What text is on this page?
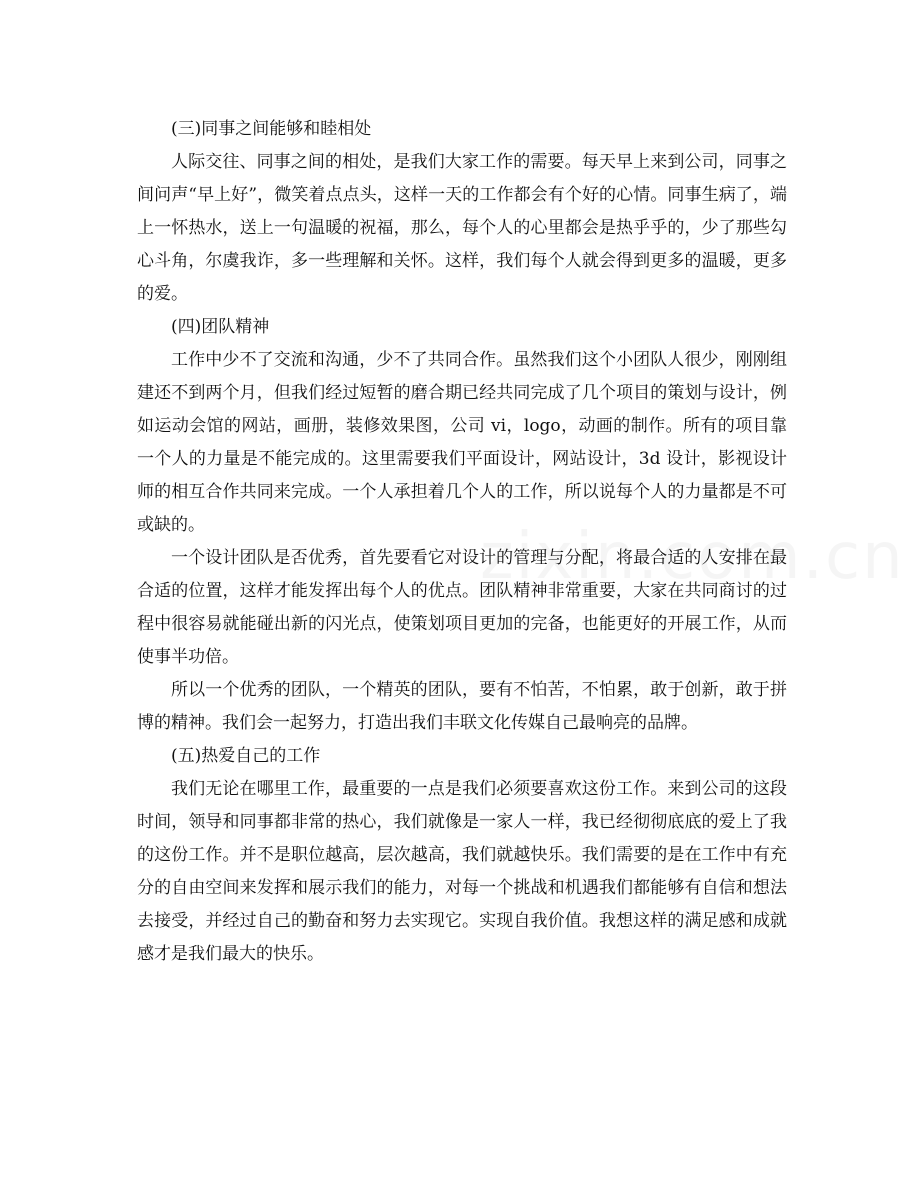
(三)同事之间能够和睦相处

人际交往、同事之间的相处，是我们大家工作的需要。每天早上来到公司，同事之间问声“早上好”，微笑着点点头，这样一天的工作都会有个好的心情。同事生病了，端上一怀热水，送上一句温暖的祝福，那么，每个人的心里都会是热乎乎的，少了那些勾心斗角，尔虞我诈，多一些理解和关怀。这样，我们每个人就会得到更多的温暖，更多的爱。

(四)团队精神

工作中少不了交流和沟通，少不了共同合作。虽然我们这个小团队人很少，刚刚组建还不到两个月，但我们经过短暂的磨合期已经共同完成了几个项目的策划与设计，例如运动会馆的网站，画册，装修效果图，公司 vi，logo，动画的制作。所有的项目靠一个人的力量是不能完成的。这里需要我们平面设计，网站设计，3d 设计，影视设计师的相互合作共同来完成。一个人承担着几个人的工作，所以说每个人的力量都是不可或缺的。

一个设计团队是否优秀，首先要看它对设计的管理与分配，将最合适的人安排在最合适的位置，这样才能发挥出每个人的优点。团队精神非常重要，大家在共同商讨的过程中很容易就能碰出新的闪光点，使策划项目更加的完备，也能更好的开展工作，从而使事半功倍。

所以一个优秀的团队，一个精英的团队，要有不怕苦，不怕累，敢于创新，敢于拼博的精神。我们会一起努力，打造出我们丰联文化传媒自己最响亮的品牌。

(五)热爱自己的工作

我们无论在哪里工作，最重要的一点是我们必须要喜欢这份工作。来到公司的这段时间，领导和同事都非常的热心，我们就像是一家人一样，我已经彻彻底底的爱上了我的这份工作。并不是职位越高，层次越高，我们就越快乐。我们需要的是在工作中有充分的自由空间来发挥和展示我们的能力，对每一个挑战和机遇我们都能够有自信和想法去接受，并经过自己的勤奋和努力去实现它。实现自我价值。我想这样的满足感和成就感才是我们最大的快乐。
